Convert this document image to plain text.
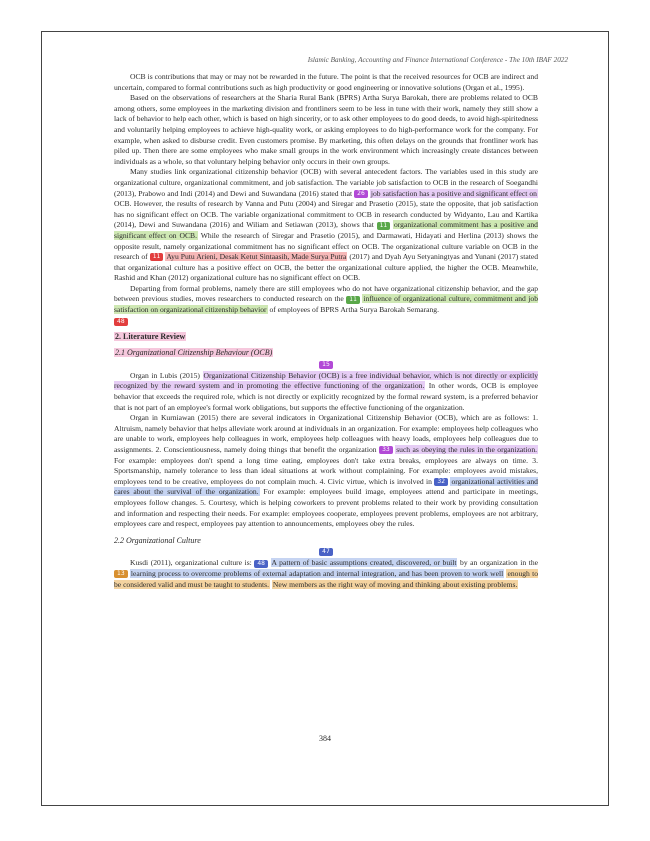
Islamic Banking, Accounting and Finance International Conference - The 10th IBAF 2022

OCB is contributions that may or may not be rewarded in the future. The point is that the received resources for OCB are indirect and uncertain, compared to formal contributions such as high productivity or good engineering or innovative solutions (Organ et al., 1995).

Based on the observations of researchers at the Sharia Rural Bank (BPRS) Artha Surya Barokah, there are problems related to OCB among others, some employees in the marketing division and frontliners seem to be less in tune with their work, namely they still show a lack of behavior to help each other, which is based on high sincerity, or to ask other employees to do good deeds, to avoid high-spiritedness and voluntarily helping employees to achieve high-quality work, or asking employees to do high-performance work for the company. For example, when asked to disburse credit. Even customers promise. By marketing, this often delays on the grounds that frontliner work has piled up. Then there are some employees who make small groups in the work environment which increasingly create distances between individuals as a whole, so that voluntary helping behavior only occurs in their own groups.

Many studies link organizational citizenship behavior (OCB) with several antecedent factors. The variables used in this study are organizational culture, organizational commitment, and job satisfaction. The variable job satisfaction to OCB in the research of Soegandhi (2013), Prabowo and Indi (2014) and Dewi and Suwandana (2016) stated that 26 job satisfaction has a positive and significant effect on OCB. However, the results of research by Vanna and Putu (2004) and Siregar and Prasetio (2015), state the opposite, that job satisfaction has no significant effect on OCB. The variable organizational commitment to OCB in research conducted by Widyanto, Lau and Kartika (2014), Dewi and Suwandana (2016) and Wiliam and Setiawan (2013), shows that 11 organizational commitment has a positive and significant effect on OCB. While the research of Siregar and Prasetio (2015), and Darmawati, Hidayati and Herlina (2013) shows the opposite result, namely organizational commitment has no significant effect on OCB. The organizational culture variable on OCB in the research of 11 Ayu Putu Arieni, Desak Ketut Sintaasih, Made Surya Putra (2017) and Dyah Ayu Setyaningtyas and Yunani (2017) stated that organizational culture has a positive effect on OCB, the better the organizational culture applied, the higher the OCB. Meanwhile, Rashid and Khan (2012) organizational culture has no significant effect on OCB.

Departing from formal problems, namely there are still employees who do not have organizational citizenship behavior, and the gap between previous studies, moves researchers to conducted research on the 11 influence of organizational culture, commitment and job satisfaction on organizational citizenship behavior of employees of BPRS Artha Surya Barokah Semarang.

48
2. Literature Review
2.1 Organizational Citizenship Behaviour (OCB)
15

Organ in Lubis (2015) Organizational Citizenship Behavior (OCB) is a free individual behavior, which is not directly or explicitly recognized by the reward system and in promoting the effective functioning of the organization. In other words, OCB is employee behavior that exceeds the required role, which is not directly or explicitly recognized by the formal reward system, is a preferred behavior that is not part of an employee's formal work obligations, but supports the effective functioning of the organization.

Organ in Kurniawan (2015) there are several indicators in Organizational Citizenship Behavior (OCB), which are as follows: 1. Altruism, namely behavior that helps alleviate work around at individuals in an organization. For example: employees help colleagues who are unable to work, employees help colleagues in work, employees help colleagues with heavy loads, employees help colleagues due to assignments. 2. Conscientiousness, namely doing things that benefit the organization 33 such as obeying the rules in the organization. For example: employees don't spend a long time eating, employees don't take extra breaks, employees are always on time. 3. Sportsmanship, namely tolerance to less than ideal situations at work without complaining. For example: employees avoid mistakes, employees tend to be creative, employees do not complain much. 4. Civic virtue, which is involved in 32 organizational activities and cares about the survival of the organization. For example: employees build image, employees attend and participate in meetings, employees follow changes. 5. Courtesy, which is helping coworkers to prevent problems related to their work by providing consultation and information and respecting their needs. For example: employees cooperate, employees prevent problems, employees are not arbitrary, employees care and respect, employees pay attention to announcements, employees obey the rules.

2.2 Organizational Culture
47

Kusdi (2011), organizational culture is: 48 A pattern of basic assumptions created, discovered, or built by an organization in the 13 learning process to overcome problems of external adaptation and internal integration, and has been proven to work well enough to be considered valid and must be taught to students. New members as the right way of moving and thinking about existing problems.

384
